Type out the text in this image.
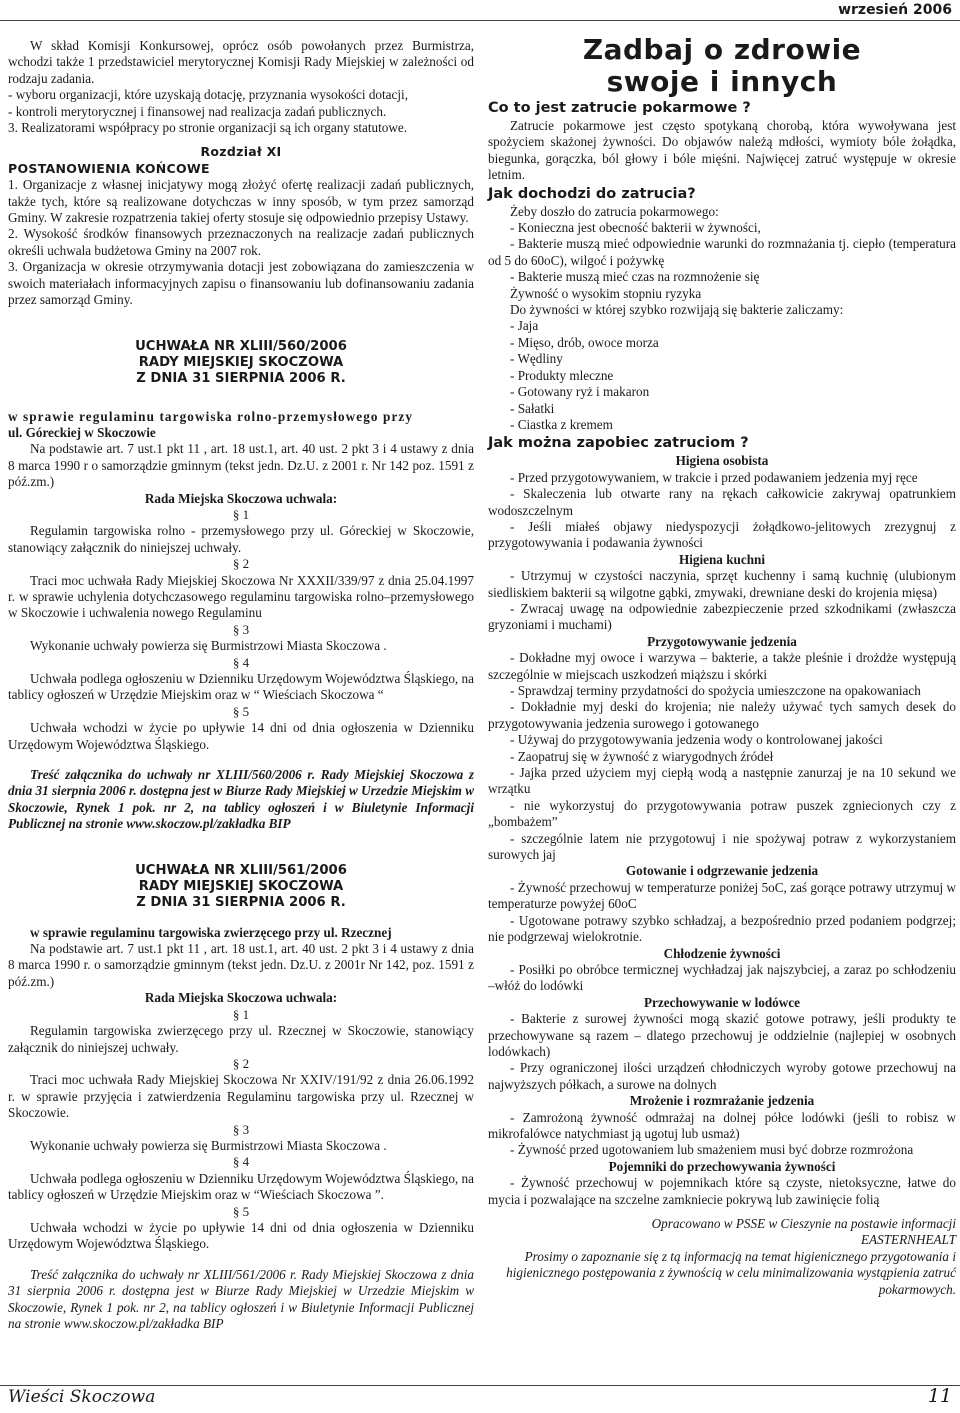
wrzesień 2006

W skład Komisji Konkursowej, oprócz osób powołanych przez Burmistrza, wchodzi także 1 przedstawiciel merytorycznej Komisji Rady Miejskiej w zależności od rodzaju zadania.

- wyboru organizacji, które uzyskają dotację, przyznania wysokości dotacji,

- kontroli merytorycznej i finansowej nad realizacja zadań publicznych.

3. Realizatorami współpracy po stronie organizacji są ich organy statutowe.

Rozdział XI
POSTANOWIENIA KOŃCOWE

1. Organizacje z własnej inicjatywy mogą złożyć ofertę realizacji zadań publicznych, także tych, które są realizowane dotychczas w inny sposób, w tym przez samorząd Gminy. W zakresie rozpatrzenia takiej oferty stosuje się odpowiednio przepisy Ustawy.

2. Wysokość środków finansowych przeznaczonych na realizacje zadań publicznych określi uchwala budżetowa Gminy na 2007 rok.

3. Organizacja w okresie otrzymywania dotacji jest zobowiązana do zamieszczenia w swoich materiałach informacyjnych zapisu o finansowaniu lub dofinansowaniu zadania przez samorząd Gminy.

UCHWAŁA NR XLIII/560/2006
RADY MIEJSKIEJ SKOCZOWA
Z DNIA 31 SIERPNIA 2006 R.

w sprawie regulaminu targowiska rolno-przemysłowego przy

ul. Góreckiej w Skoczowie

Na podstawie art. 7 ust.1 pkt 11 , art. 18 ust.1, art. 40 ust. 2 pkt 3 i 4 ustawy z dnia 8 marca 1990 r o samorządzie gminnym (tekst jedn. Dz.U. z 2001 r. Nr 142 poz. 1591 z póź.zm.)

Rada Miejska Skoczowa uchwala:

§ 1

Regulamin targowiska rolno - przemysłowego przy ul. Góreckiej w Skoczowie, stanowiący załącznik do niniejszej uchwały.

§ 2

Traci moc uchwała Rady Miejskiej Skoczowa Nr XXXII/339/97 z dnia 25.04.1997 r. w sprawie uchylenia dotychczasowego regulaminu targowiska rolno–przemysłowego w Skoczowie i uchwalenia nowego Regulaminu

§ 3

Wykonanie uchwały powierza się Burmistrzowi Miasta Skoczowa .

§ 4

Uchwała podlega ogłoszeniu w Dzienniku Urzędowym Województwa Śląskiego, na tablicy ogłoszeń w Urzędzie Miejskim oraz w “ Wieściach Skoczowa “

§ 5

Uchwała wchodzi w życie po upływie 14 dni od dnia ogłoszenia w Dzienniku Urzędowym Województwa Śląskiego.

Treść załącznika do uchwały nr XLIII/560/2006 r. Rady Miejskiej Skoczowa z dnia 31 sierpnia 2006 r. dostępna jest w Biurze Rady Miejskiej w Urzedzie Miejskim w Skoczowie, Rynek 1 pok. nr 2, na tablicy ogłoszeń i w Biuletynie Informacji Publicznej na stronie www.skoczow.pl/zakładka BIP

UCHWAŁA NR XLIII/561/2006
RADY MIEJSKIEJ SKOCZOWA
Z DNIA 31 SIERPNIA 2006 R.

w sprawie regulaminu targowiska zwierzęcego przy ul. Rzecznej

Na podstawie art. 7 ust.1 pkt 11 , art. 18 ust.1, art. 40 ust. 2 pkt 3 i 4 ustawy z dnia 8 marca 1990 r. o samorządzie gminnym (tekst jedn. Dz.U. z 2001r Nr 142, poz. 1591 z póź.zm.)

Rada Miejska Skoczowa uchwala:

§ 1

Regulamin targowiska zwierzęcego przy ul. Rzecznej w Skoczowie, stanowiący załącznik do niniejszej uchwały.

§ 2

Traci moc uchwała Rady Miejskiej Skoczowa Nr XXIV/191/92 z dnia 26.06.1992 r. w sprawie przyjęcia i zatwierdzenia Regulaminu targowiska przy ul. Rzecznej w Skoczowie.

§ 3

Wykonanie uchwały powierza się Burmistrzowi Miasta Skoczowa .

§ 4

Uchwała podlega ogłoszeniu w Dzienniku Urzędowym Województwa Śląskiego, na tablicy ogłoszeń w Urzędzie Miejskim oraz w “Wieściach Skoczowa ”.

§ 5

Uchwała wchodzi w życie po upływie 14 dni od dnia ogłoszenia w Dzienniku Urzędowym Województwa Śląskiego.

Treść załącznika do uchwały nr XLIII/561/2006 r. Rady Miejskiej Skoczowa z dnia 31 sierpnia 2006 r. dostępna jest w Biurze Rady Miejskiej w Urzedzie Miejskim w Skoczowie, Rynek 1 pok. nr 2, na tablicy ogłoszeń i w Biuletynie Informacji Publicznej na stronie www.skoczow.pl/zakładka BIP

Zadbaj o zdrowie
swoje i innych
Co to jest zatrucie pokarmowe ?

Zatrucie pokarmowe jest często spotykaną chorobą, która wywoływana jest spożyciem skażonej żywności. Do objawów należą mdłości, wymioty bóle żołądka, biegunka, gorączka, ból głowy i bóle mięśni. Najwięcej zatruć występuje w okresie letnim.

Jak dochodzi do zatrucia?

Żeby doszło do zatrucia pokarmowego:

- Konieczna jest obecność bakterii w żywności,

- Bakterie muszą mieć odpowiednie warunki do rozmnażania tj. ciepło (temperatura od 5 do 60oC), wilgoć i pożywkę

- Bakterie muszą mieć czas na rozmnożenie się

Żywność o wysokim stopniu ryzyka

Do żywności w której szybko rozwijają się bakterie zaliczamy:

- Jaja

- Mięso, drób, owoce morza

- Wędliny

- Produkty mleczne

- Gotowany ryż i makaron

- Sałatki

- Ciastka z kremem

Jak można zapobiec zatruciom ?

Higiena osobista

- Przed przygotowywaniem, w trakcie i przed podawaniem jedzenia myj ręce

- Skaleczenia lub otwarte rany na rękach całkowicie zakrywaj opatrunkiem wodoszczelnym

- Jeśli miałeś objawy niedyspozycji żołądkowo-jelitowych zrezygnuj z przygotowywania i podawania żywności

Higiena kuchni

- Utrzymuj w czystości naczynia, sprzęt kuchenny i samą kuchnię (ulubionym siedliskiem bakterii są wilgotne gąbki, zmywaki, drewniane deski do krojenia mięsa)

- Zwracaj uwagę na odpowiednie zabezpieczenie przed szkodnikami (zwłaszcza gryzoniami i muchami)

Przygotowywanie jedzenia

- Dokładne myj owoce i warzywa – bakterie, a także pleśnie i drożdże występują szczególnie w miejscach uszkodzeń miąższu i skórki

- Sprawdzaj terminy przydatności do spożycia umieszczone na opakowaniach

- Dokładnie myj deski do krojenia; nie należy używać tych samych desek do przygotowywania jedzenia surowego i gotowanego

- Używaj do przygotowywania jedzenia wody o kontrolowanej jakości

- Zaopatruj się w żywność z wiarygodnych źródeł

- Jajka przed użyciem myj ciepłą wodą a następnie zanurzaj je na 10 sekund we wrzątku

- nie wykorzystuj do przygotowywania potraw puszek zgniecionych czy z „bombażem”

- szczególnie latem nie przygotowuj i nie spożywaj potraw z wykorzystaniem surowych jaj

Gotowanie i odgrzewanie jedzenia

- Żywność przechowuj w temperaturze poniżej 5oC, zaś gorące potrawy utrzymuj w temperaturze powyżej 60oC

- Ugotowane potrawy szybko schładzaj, a bezpośrednio przed podaniem podgrzej; nie podgrzewaj wielokrotnie.

Chłodzenie żywności

- Posiłki po obróbce termicznej wychładzaj jak najszybciej, a zaraz po schłodzeniu –włóż do lodówki

Przechowywanie w lodówce

- Bakterie z surowej żywności mogą skazić gotowe potrawy, jeśli produkty te przechowywane są razem – dlatego przechowuj je oddzielnie (najlepiej w osobnych lodówkach)

- Przy ograniczonej ilości urządzeń chłodniczych wyroby gotowe przechowuj na najwyższych półkach, a surowe na dolnych

Mrożenie i rozmrażanie jedzenia

- Zamrożoną żywność odmrażaj na dolnej półce lodówki (jeśli to robisz w mikrofalówce natychmiast ją ugotuj lub usmaż)

- Żywność przed ugotowaniem lub smażeniem musi być dobrze rozmrożona

Pojemniki do przechowywania żywności

- Żywność przechowuj w pojemnikach które są czyste, nietoksyczne, łatwe do mycia i pozwalające na szczelne zamkniecie pokrywą lub zawinięcie folią

Opracowano w PSSE w Cieszynie na postawie informacji

EASTERNHEALT

Prosimy o zapoznanie się z tą informacją na temat higienicznego przygotowania i higienicznego postępowania z żywnością w celu minimalizowania wystąpienia zatruć pokarmowych.

Wieści Skoczowa	11
